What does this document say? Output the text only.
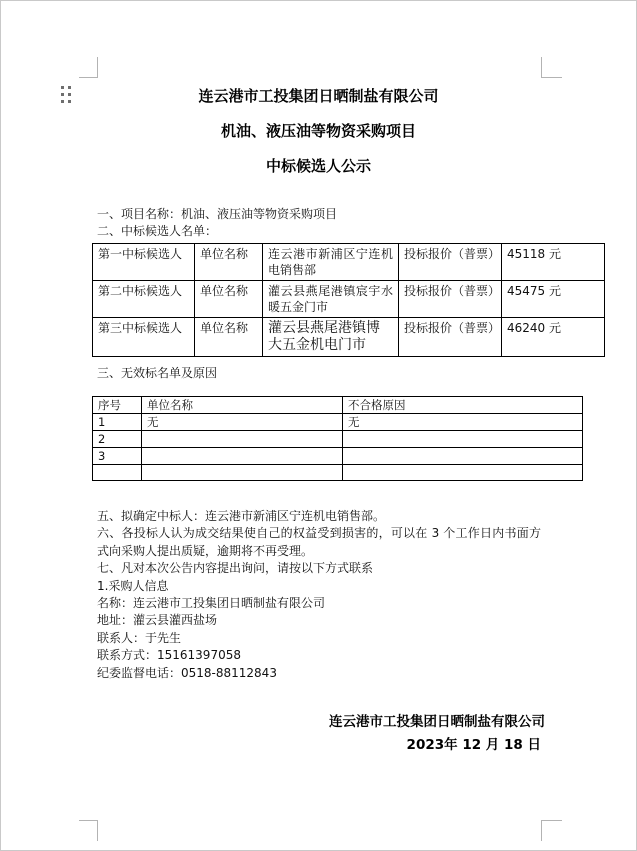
连云港市工投集团日晒制盐有限公司
机油、液压油等物资采购项目
中标候选人公示

一、项目名称：机油、液压油等物资采购项目

二、中标候选人名单：

第一中标候选人	单位名称	连云港市新浦区宁连机电销售部	投标报价（普票）	45118 元
第二中标候选人	单位名称	灌云县燕尾港镇宸宇水暖五金门市	投标报价（普票）	45475 元
第三中标候选人	单位名称	灌云县燕尾港镇博大五金机电门市	投标报价（普票）	46240 元

三、无效标名单及原因

序号	单位名称	不合格原因
1	无	无
2		
3		

五、拟确定中标人：连云港市新浦区宁连机电销售部。

六、各投标人认为成交结果使自己的权益受到损害的，可以在 3 个工作日内书面方式向采购人提出质疑，逾期将不再受理。

七、凡对本次公告内容提出询问，请按以下方式联系

1.采购人信息

名称：连云港市工投集团日晒制盐有限公司

地址：灌云县灌西盐场

联系人：于先生

联系方式：15161397058

纪委监督电话：0518-88112843

连云港市工投集团日晒制盐有限公司
2023年 12 月 18 日
